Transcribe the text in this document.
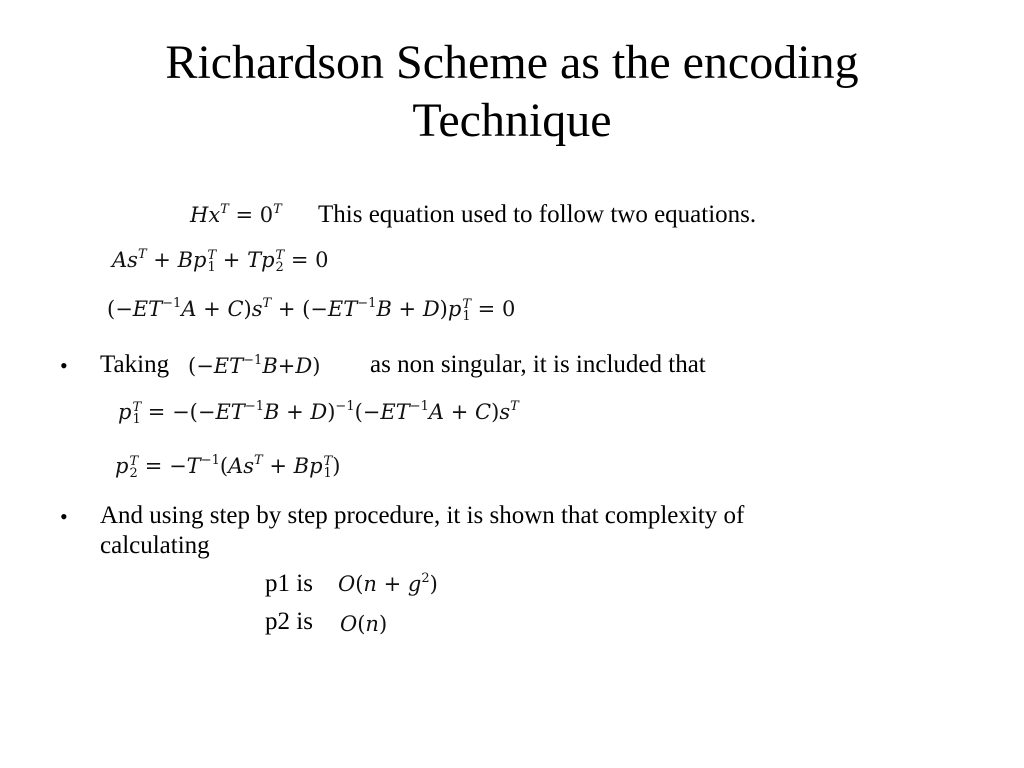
Richardson Scheme as the encoding
Technique
$Hx^T = 0^T$ This equation used to follow two equations.
$As^T + Bp$ T
1 + Tp T
2 = 0
$(-ET^{-1}A + C)s^T + (-ET^{-1}B + D)p$ T
1 = 0
• Taking $(-ET^{-1}B+D)$ as non singular, it is included that
p T
$1 = -(-ET^{-1}B + D)^{-1}(-ET^{-1}A + C)s^T$
p T
$2 = -T^{-1}(As^T + Bp$ T
1 )
• And using step by step procedure, it is shown that complexity of
calculating
p1 is $O(n + g^2)$
p2 is O(n)
